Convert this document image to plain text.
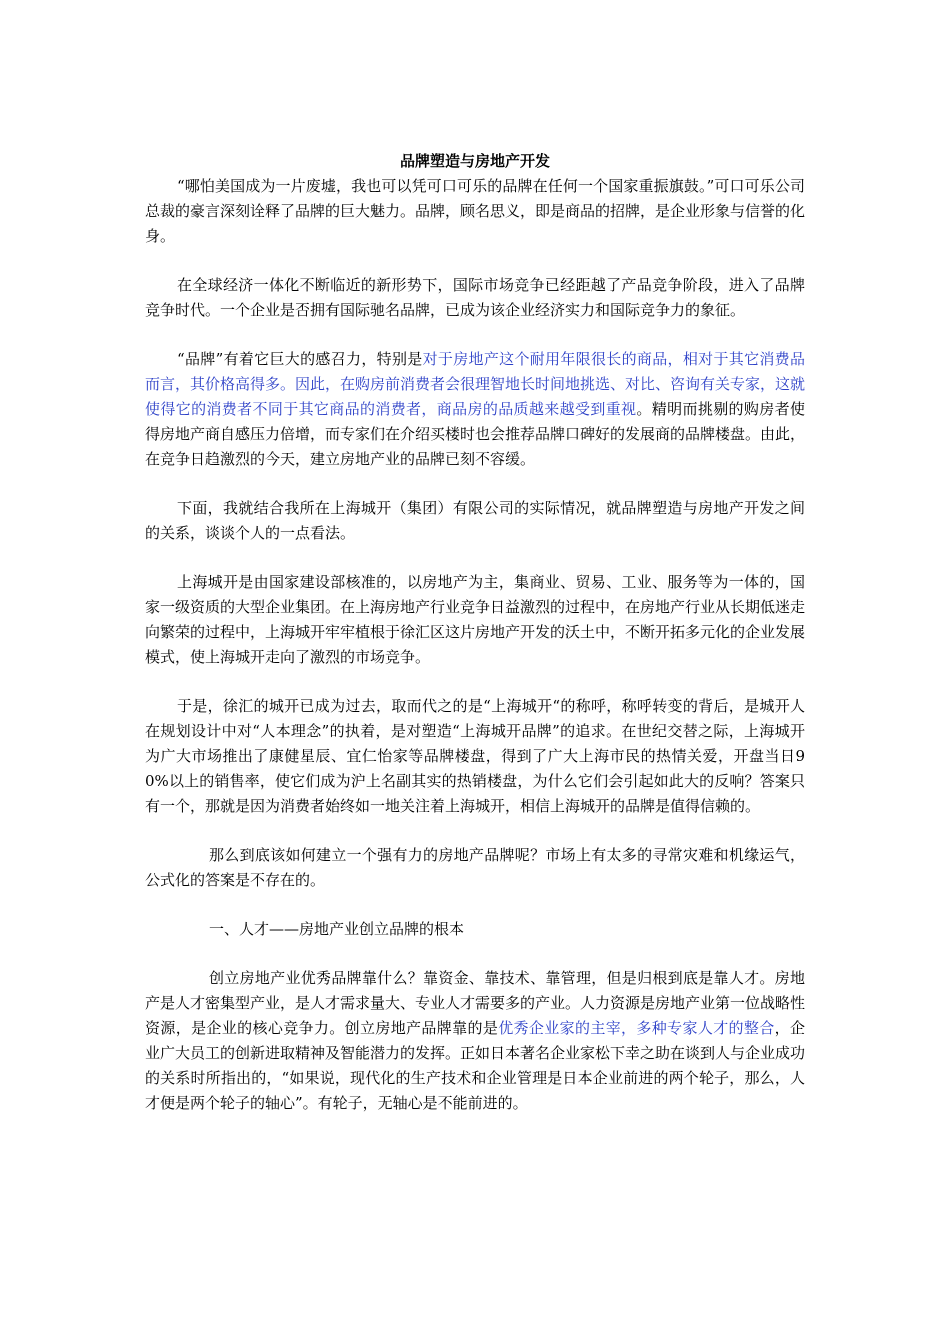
品牌塑造与房地产开发

“哪怕美国成为一片废墟，我也可以凭可口可乐的品牌在任何一个国家重振旗鼓。”可口可乐公司总裁的豪言深刻诠释了品牌的巨大魅力。品牌，顾名思义，即是商品的招牌，是企业形象与信誉的化身。

在全球经济一体化不断临近的新形势下，国际市场竞争已经距越了产品竞争阶段，进入了品牌竞争时代。一个企业是否拥有国际驰名品牌，已成为该企业经济实力和国际竞争力的象征。

“品牌”有着它巨大的感召力，特别是对于房地产这个耐用年限很长的商品，相对于其它消费品而言，其价格高得多。因此，在购房前消费者会很理智地长时间地挑选、对比、咨询有关专家，这就使得它的消费者不同于其它商品的消费者，商品房的品质越来越受到重视。精明而挑剔的购房者使得房地产商自感压力倍增，而专家们在介绍买楼时也会推荐品牌口碑好的发展商的品牌楼盘。由此，在竞争日趋激烈的今天，建立房地产业的品牌已刻不容缓。

下面，我就结合我所在上海城开（集团）有限公司的实际情况，就品牌塑造与房地产开发之间的关系，谈谈个人的一点看法。

上海城开是由国家建设部核准的，以房地产为主，集商业、贸易、工业、服务等为一体的，国家一级资质的大型企业集团。在上海房地产行业竞争日益激烈的过程中，在房地产行业从长期低迷走向繁荣的过程中，上海城开牢牢植根于徐汇区这片房地产开发的沃土中，不断开拓多元化的企业发展模式，使上海城开走向了激烈的市场竞争。

于是，徐汇的城开已成为过去，取而代之的是“上海城开“的称呼，称呼转变的背后，是城开人在规划设计中对“人本理念”的执着，是对塑造“上海城开品牌”的追求。在世纪交替之际，上海城开为广大市场推出了康健星辰、宜仁怡家等品牌楼盘，得到了广大上海市民的热情关爱，开盘当日90%以上的销售率，使它们成为沪上名副其实的热销楼盘，为什么它们会引起如此大的反响？答案只有一个，那就是因为消费者始终如一地关注着上海城开，相信上海城开的品牌是值得信赖的。

那么到底该如何建立一个强有力的房地产品牌呢？市场上有太多的寻常灾难和机缘运气，公式化的答案是不存在的。

一、人才——房地产业创立品牌的根本

创立房地产业优秀品牌靠什么？靠资金、靠技术、靠管理，但是归根到底是靠人才。房地产是人才密集型产业，是人才需求量大、专业人才需要多的产业。人力资源是房地产业第一位战略性资源，是企业的核心竞争力。创立房地产品牌靠的是优秀企业家的主宰，多种专家人才的整合，企业广大员工的创新进取精神及智能潜力的发挥。正如日本著名企业家松下幸之助在谈到人与企业成功的关系时所指出的，“如果说，现代化的生产技术和企业管理是日本企业前进的两个轮子，那么，人才便是两个轮子的轴心”。有轮子，无轴心是不能前进的。
